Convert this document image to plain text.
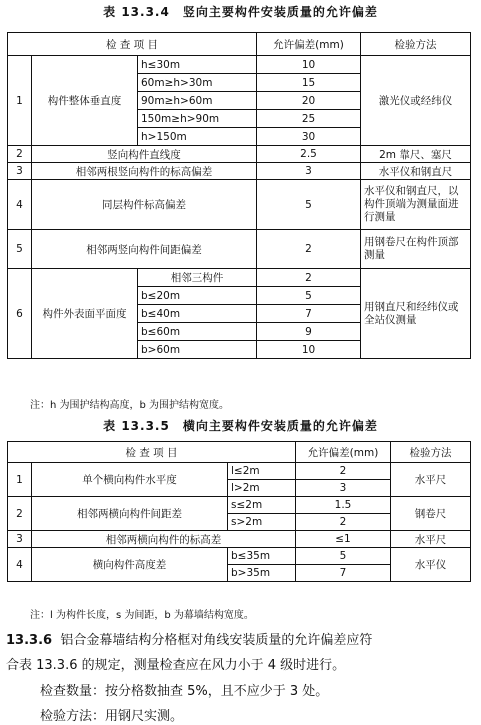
表 13.3.4　竖向主要构件安装质量的允许偏差
检 查 项 目			允许偏差(mm)	检验方法
1	构件整体垂直度	h≤30m	10	激光仪或经纬仪
		60m≥h>30m	15	
		90m≥h>60m	20	
		150m≥h>90m	25	
		h>150m	30	
2	竖向构件直线度		2.5	2m 靠尺、塞尺
3	相邻两根竖向构件的标高偏差		3	水平仪和钢直尺
4	同层构件标高偏差		5	水平仪和钢直尺，以构件顶端为测量面进行测量
5	相邻两竖向构件间距偏差		2	用钢卷尺在构件顶部测量
6	构件外表面平面度	相邻三构件	2	用钢直尺和经纬仪或全站仪测量
		b≤20m	5	
		b≤40m	7	
		b≤60m	9	
		b>60m	10	
注：h 为围护结构高度，b 为围护结构宽度。
表 13.3.5　横向主要构件安装质量的允许偏差
检 查 项 目			允许偏差(mm)	检验方法
1	单个横向构件水平度	l≤2m	2	水平尺
		l>2m	3	
2	相邻两横向构件间距差	s≤2m	1.5	钢卷尺
		s>2m	2	
3	相邻两横向构件的标高差		≤1	水平尺
4	横向构件高度差	b≤35m	5	水平仪
		b>35m	7	
注：l 为构件长度，s 为间距，b 为幕墙结构宽度。
13.3.6 铝合金幕墙结构分格框对角线安装质量的允许偏差应符
合表 13.3.6 的规定，测量检查应在风力小于 4 级时进行。
检查数量：按分格数抽查 5%，且不应少于 3 处。
检验方法：用钢尺实测。
